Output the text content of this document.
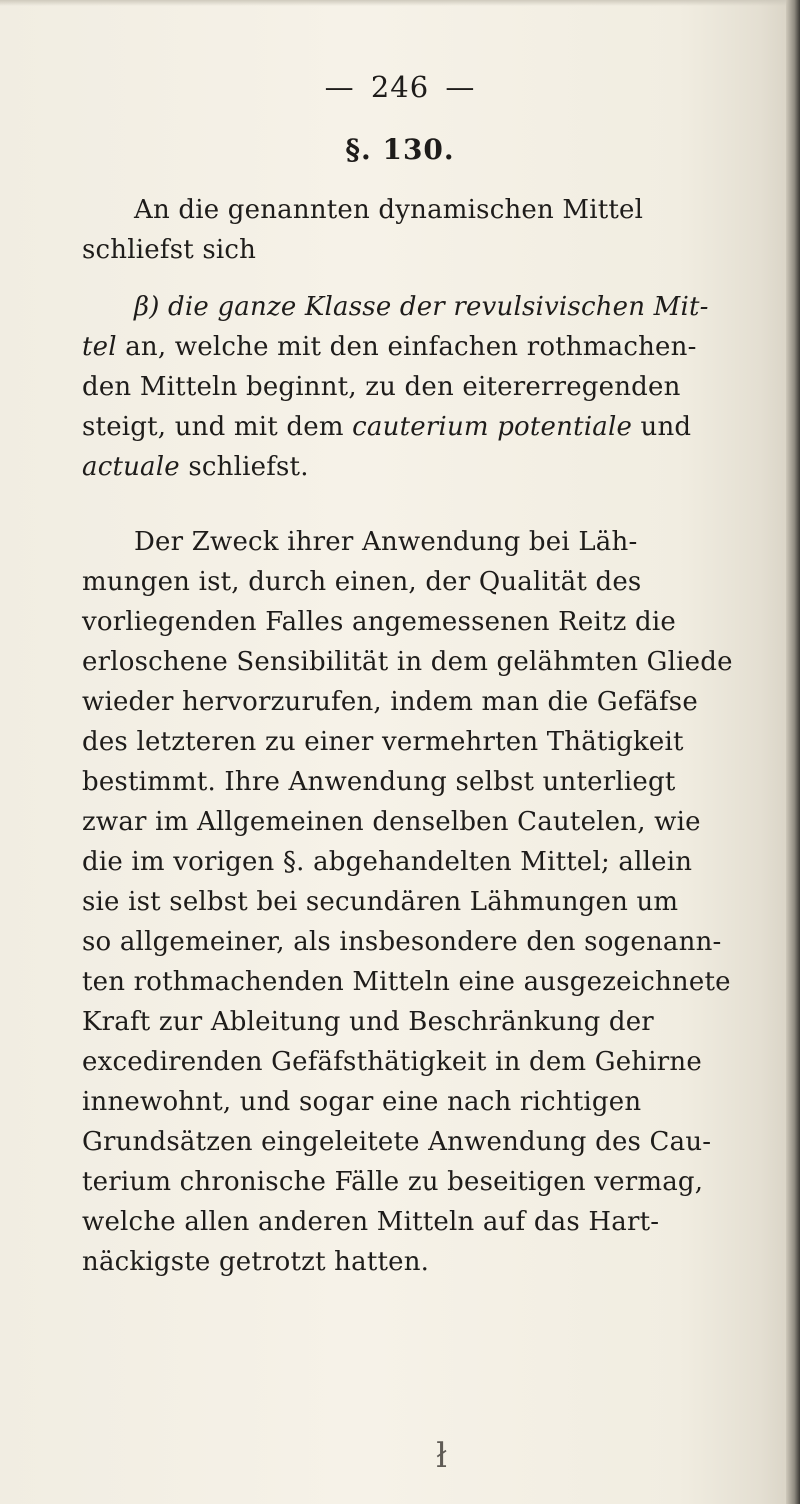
— 246 —
§. 130.
An die genannten dynamischen Mittel
schliefst sich
β) die ganze Klasse der revulsivischen Mit-
tel an, welche mit den einfachen rothmachen-
den Mitteln beginnt, zu den eitererregenden
steigt, und mit dem cauterium potentiale und
actuale schliefst.
Der Zweck ihrer Anwendung bei Läh-
mungen ist, durch einen, der Qualität des
vorliegenden Falles angemessenen Reitz die
erloschene Sensibilität in dem gelähmten Gliede
wieder hervorzurufen, indem man die Gefäfse
des letzteren zu einer vermehrten Thätigkeit
bestimmt. Ihre Anwendung selbst unterliegt
zwar im Allgemeinen denselben Cautelen, wie
die im vorigen §. abgehandelten Mittel; allein
sie ist selbst bei secundären Lähmungen um
so allgemeiner, als insbesondere den sogenann-
ten rothmachenden Mitteln eine ausgezeichnete
Kraft zur Ableitung und Beschränkung der
excedirenden Gefäfsthätigkeit in dem Gehirne
innewohnt, und sogar eine nach richtigen
Grundsätzen eingeleitete Anwendung des Cau-
terium chronische Fälle zu beseitigen vermag,
welche allen anderen Mitteln auf das Hart-
näckigste getrotzt hatten.
ł
